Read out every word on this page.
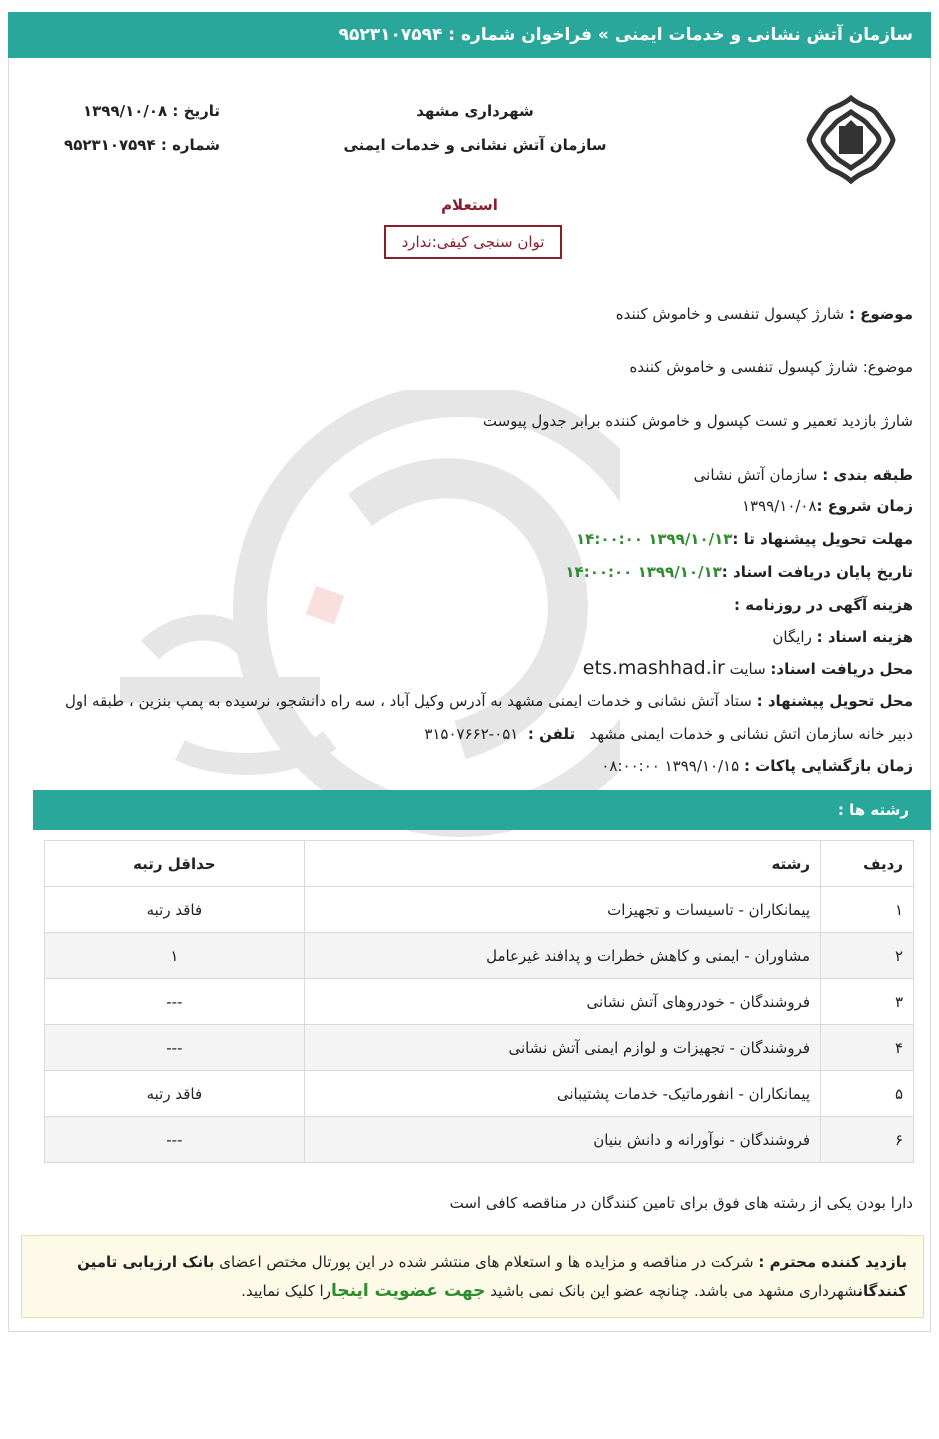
سازمان آتش نشانی و خدمات ایمنی » فراخوان شماره : ۹۵۲۳۱۰۷۵۹۴
شهرداری مشهد
سازمان آتش نشانی و خدمات ایمنی
تاریخ : ۱۳۹۹/۱۰/۰۸
شماره : ۹۵۲۳۱۰۷۵۹۴
استعلام
توان سنجی کیفی:ندارد
موضوع : شارژ کپسول تنفسی و خاموش کننده
موضوع: شارژ کپسول تنفسی و خاموش کننده
شارژ بازدید تعمیر و تست کپسول و خاموش کننده برابر جدول پیوست
طبقه بندی : سازمان آتش نشانی
زمان شروع :۱۳۹۹/۱۰/۰۸
مهلت تحویل پیشنهاد تا :۱۳۹۹/۱۰/۱۳ ۱۴:۰۰:۰۰
تاریخ پایان دریافت اسناد :۱۳۹۹/۱۰/۱۳ ۱۴:۰۰:۰۰
هزینه آگهی در روزنامه :
هزینه اسناد : رایگان
محل دریافت اسناد: سایت ets.mashhad.ir
محل تحویل پیشنهاد : ستاد آتش نشانی و خدمات ایمنی مشهد به آدرس وکیل آباد ، سه راه دانشجو، نرسیده به پمپ بنزین ، طبقه اول
دبیر خانه سازمان اتش نشانی و خدمات ایمنی مشهد   تلفن :  ۰۵۱-۳۱۵۰۷۶۶۲
زمان بازگشایی پاکات : ۱۳۹۹/۱۰/۱۵ ۰۸:۰۰:۰۰
رشته ها :
ردیف	رشته	حداقل رتبه
۱	پیمانکاران - تاسیسات و تجهیزات	فاقد رتبه
۲	مشاوران - ایمنی و کاهش خطرات و پدافند غیرعامل	۱
۳	فروشندگان - خودروهای آتش نشانی	---
۴	فروشندگان - تجهیزات و لوازم ایمنی آتش نشانی	---
۵	پیمانکاران - انفورماتیک- خدمات پشتیبانی	فاقد رتبه
۶	فروشندگان - نوآورانه و دانش بنیان	---
دارا بودن یکی از رشته های فوق برای تامین کنندگان در مناقصه کافی است
بازدید کننده محترم : شرکت در مناقصه و مزایده ها و استعلام های منتشر شده در این پورتال مختص اعضای بانک ارزیابی تامین کنندگانشهرداری مشهد می باشد. چنانچه عضو این بانک نمی باشید جهت عضویت اینجارا کلیک نمایید.
